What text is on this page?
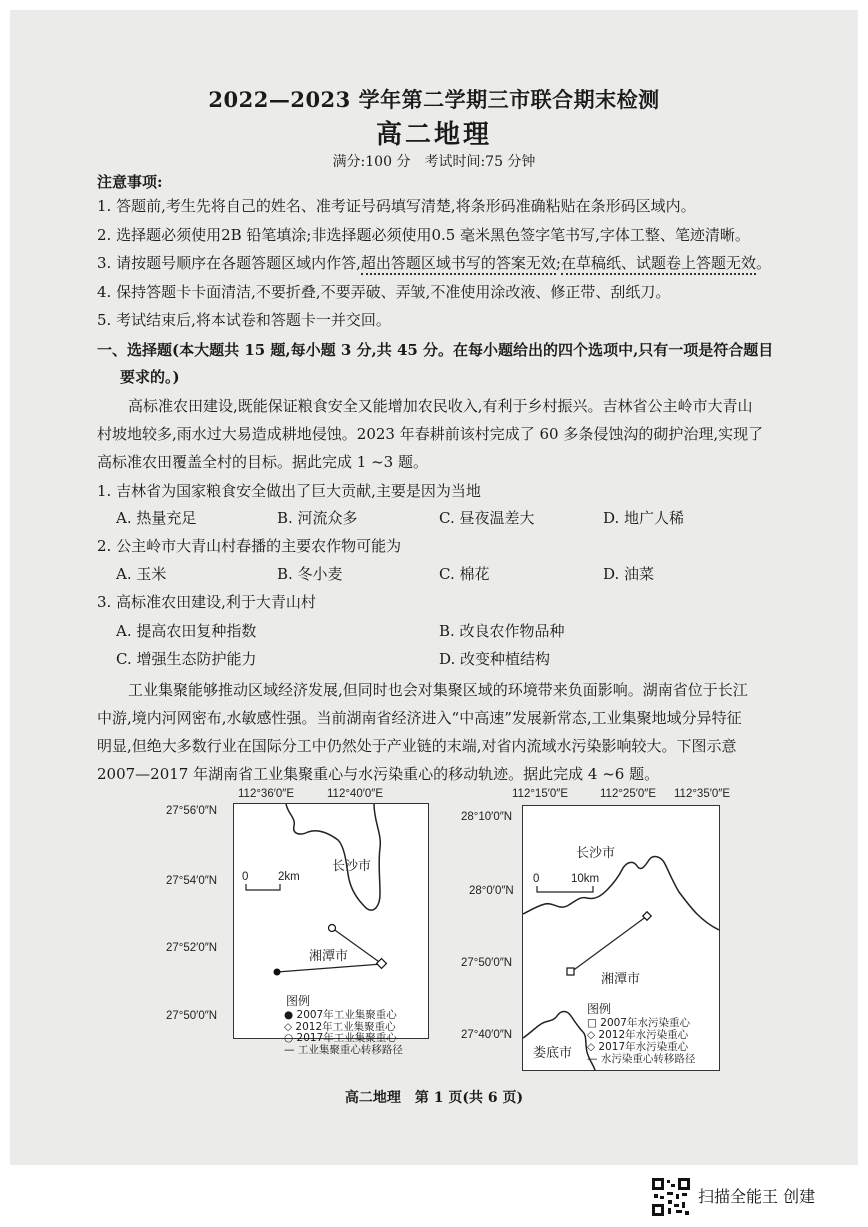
2022—2023 学年第二学期三市联合期末检测
高二地理
满分:100 分　考试时间:75 分钟
注意事项:
1. 答题前,考生先将自己的姓名、准考证号码填写清楚,将条形码准确粘贴在条形码区域内。
2. 选择题必须使用2B 铅笔填涂;非选择题必须使用0.5 毫米黑色签字笔书写,字体工整、笔迹清晰。
3. 请按题号顺序在各题答题区域内作答,超出答题区域书写的答案无效;在草稿纸、试题卷上答题无效。
4. 保持答题卡卡面清洁,不要折叠,不要弄破、弄皱,不准使用涂改液、修正带、刮纸刀。
5. 考试结束后,将本试卷和答题卡一并交回。
一、选择题(本大题共 15 题,每小题 3 分,共 45 分。在每小题给出的四个选项中,只有一项是符合题目
要求的。)
高标准农田建设,既能保证粮食安全又能增加农民收入,有利于乡村振兴。吉林省公主岭市大青山
村坡地较多,雨水过大易造成耕地侵蚀。2023 年春耕前该村完成了 60 多条侵蚀沟的砌护治理,实现了
高标准农田覆盖全村的目标。据此完成 1 ~3 题。
1. 吉林省为国家粮食安全做出了巨大贡献,主要是因为当地
A. 热量充足	B. 河流众多	C. 昼夜温差大	D. 地广人稀
2. 公主岭市大青山村春播的主要农作物可能为
A. 玉米	B. 冬小麦	C. 棉花	D. 油菜
3. 高标准农田建设,利于大青山村
A. 提高农田复种指数	B. 改良农作物品种
C. 增强生态防护能力	D. 改变种植结构
工业集聚能够推动区域经济发展,但同时也会对集聚区域的环境带来负面影响。湖南省位于长江
中游,境内河网密布,水敏感性强。当前湖南省经济进入“中高速”发展新常态,工业集聚地域分异特征
明显,但绝大多数行业在国际分工中仍然处于产业链的末端,对省内流域水污染影响较大。下图示意
2007—2017 年湖南省工业集聚重心与水污染重心的移动轨迹。据此完成 4 ~6 题。
112°36′0″E	112°40′0″E
27°56′0″N
27°54′0″N
27°52′0″N
27°50′0″N
0	2km
长沙市
湘潭市
图例
● 2007年工业集聚重心
◇ 2012年工业集聚重心
○ 2017年工业集聚重心
— 工业集聚重心转移路径
112°15′0″E	112°25′0″E 112°35′0″E
28°10′0″N
28°0′0″N
27°50′0″N
27°40′0″N
0	10km
长沙市
湘潭市
娄底市
图例
□ 2007年水污染重心
◇ 2012年水污染重心
◇ 2017年水污染重心
— 水污染重心转移路径
高二地理　第 1 页(共 6 页)
扫描全能王 创建
